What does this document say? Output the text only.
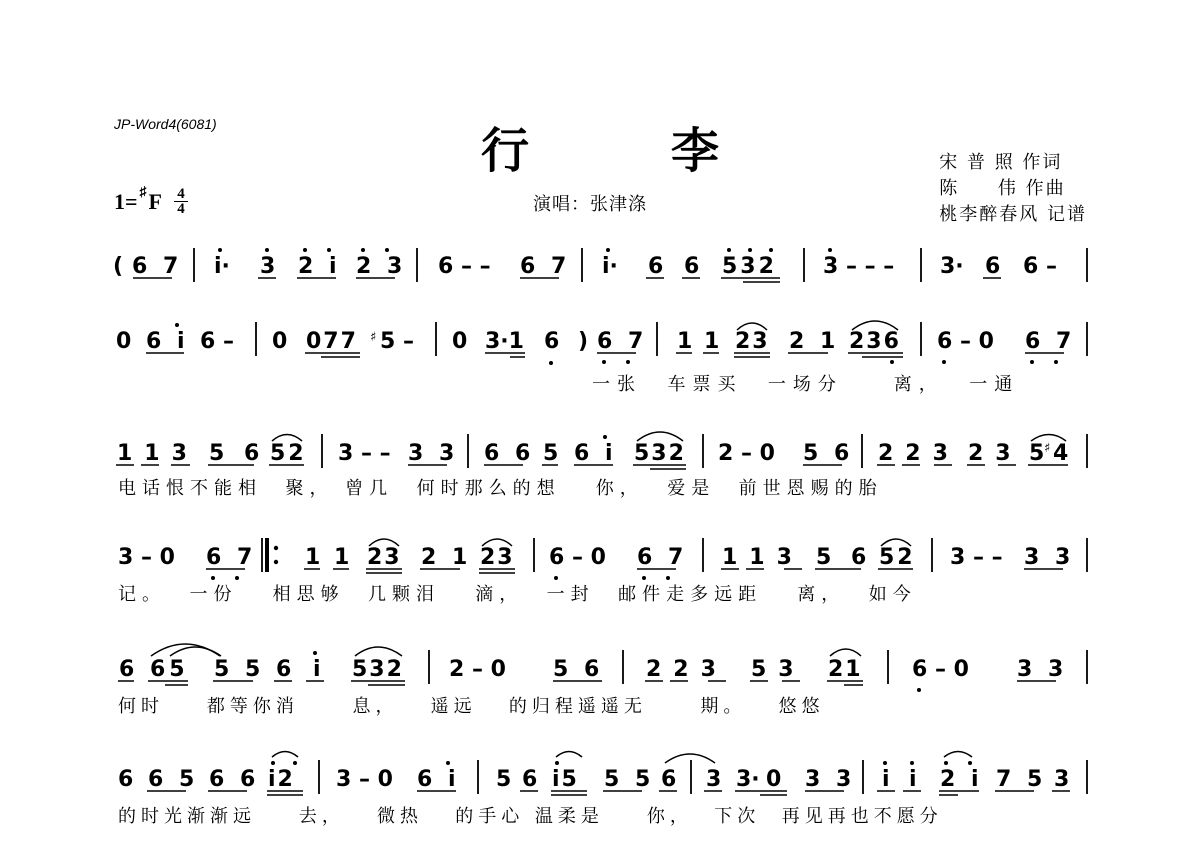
JP-Word4(6081)	行	李	宋 普 照 作词
陈     伟 作曲
桃李醉春风 记谱
1= ♯ F 4
4	演唱：张津涤
( 6 7 i· 3 2 i 2 3 6 – – 6 7 i· 6 6 532 3 – – – 3· 6 6 –
0 6 i 6 – 0 077 ♯ 5 – 0 3·1 6 ) 6 7 1 1 23 2 1 236 6 – 0 6 7
113 5 6 52 3 – – 3 3 6 6 5 6 i 532 2 – 0 5 6 223 23 5 ♯ 4
3 – 0 6 7 1 1 23 2 1 23 6 – 0 6 7 113 5 6 52 3 – – 3 3
6 65 5 5 6 i 532 2 – 0 5 6 223 53 21 6 – 0 3 3
6 6 5 6 6 i2 3 – 0 6 i 5 6 i5 5 5 6 3 3· 0 3 3 i i 2 i 7 5 3
一张  车票买  一场分    离，  一通
电话恨不能相  聚， 曾几  何时那么的想   你，  爱是  前世恩赐的胎
记。  一份   相思够  几颗泪   滴，  一封  邮件走多远距   离，  如今
何时    都等你消     息，   遥远   的归程遥遥无     期。   悠悠
的时光渐渐远    去，   微热   的手心 温柔是    你，  下次  再见再也不愿分
